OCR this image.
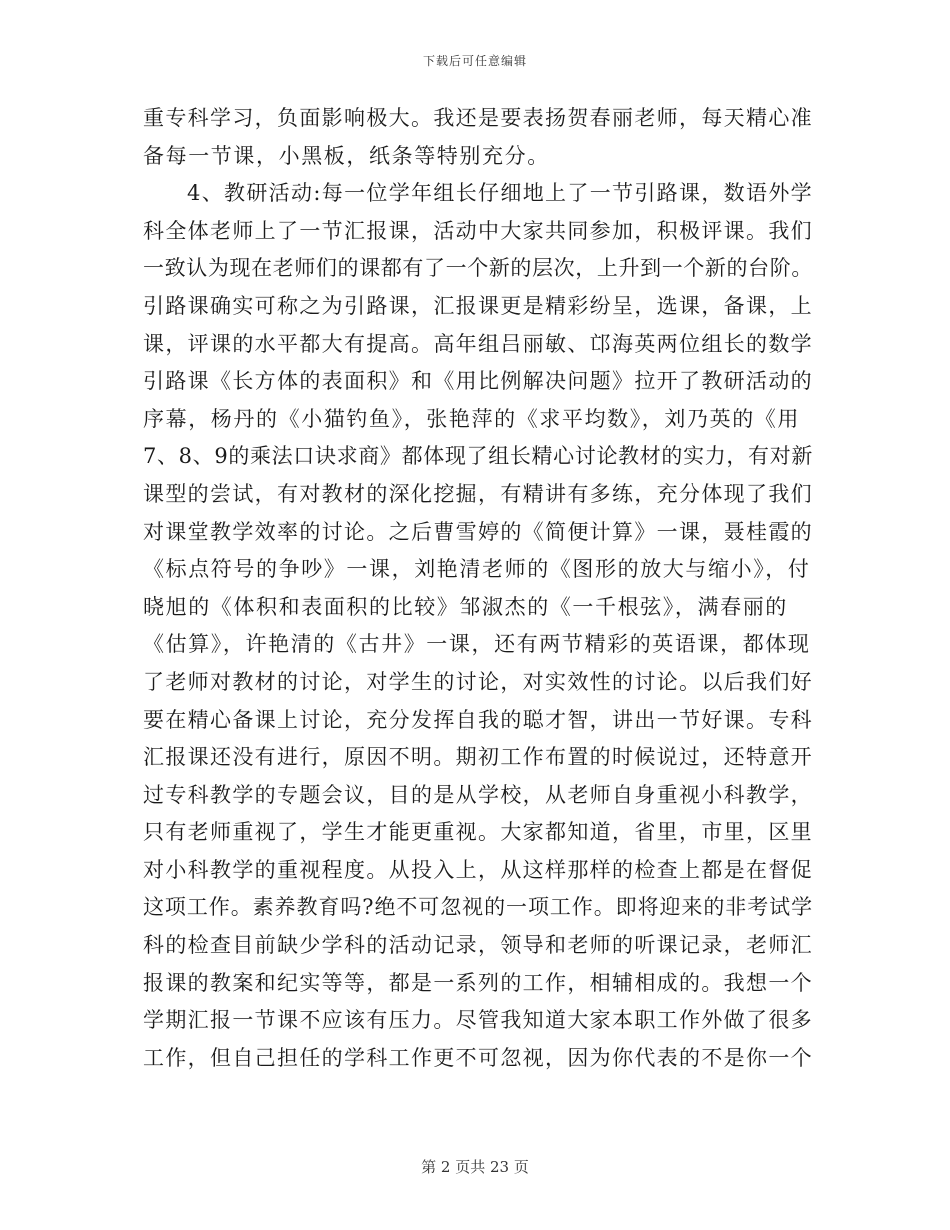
下载后可任意编辑
重专科学习，负面影响极大。我还是要表扬贺春丽老师，每天精心准
备每一节课，小黑板，纸条等特别充分。
4、教研活动:每一位学年组长仔细地上了一节引路课，数语外学
科全体老师上了一节汇报课，活动中大家共同参加，积极评课。我们
一致认为现在老师们的课都有了一个新的层次，上升到一个新的台阶。
引路课确实可称之为引路课，汇报课更是精彩纷呈，选课，备课，上
课，评课的水平都大有提高。高年组吕丽敏、邙海英两位组长的数学
引路课《长方体的表面积》和《用比例解决问题》拉开了教研活动的
序幕，杨丹的《小猫钓鱼》，张艳萍的《求平均数》，刘乃英的《用
7、8、9的乘法口诀求商》都体现了组长精心讨论教材的实力，有对新
课型的尝试，有对教材的深化挖掘，有精讲有多练，充分体现了我们
对课堂教学效率的讨论。之后曹雪婷的《简便计算》一课，聂桂霞的
《标点符号的争吵》一课，刘艳清老师的《图形的放大与缩小》，付
晓旭的《体积和表面积的比较》邹淑杰的《一千根弦》，满春丽的
《估算》，许艳清的《古井》一课，还有两节精彩的英语课，都体现
了老师对教材的讨论，对学生的讨论，对实效性的讨论。以后我们好
要在精心备课上讨论，充分发挥自我的聪才智，讲出一节好课。专科
汇报课还没有进行，原因不明。期初工作布置的时候说过，还特意开
过专科教学的专题会议，目的是从学校，从老师自身重视小科教学，
只有老师重视了，学生才能更重视。大家都知道，省里，市里，区里
对小科教学的重视程度。从投入上，从这样那样的检查上都是在督促
这项工作。素养教育吗?绝不可忽视的一项工作。即将迎来的非考试学
科的检查目前缺少学科的活动记录，领导和老师的听课记录，老师汇
报课的教案和纪实等等，都是一系列的工作，相辅相成的。我想一个
学期汇报一节课不应该有压力。尽管我知道大家本职工作外做了很多
工作，但自己担任的学科工作更不可忽视，因为你代表的不是你一个
第 2 页共 23 页
